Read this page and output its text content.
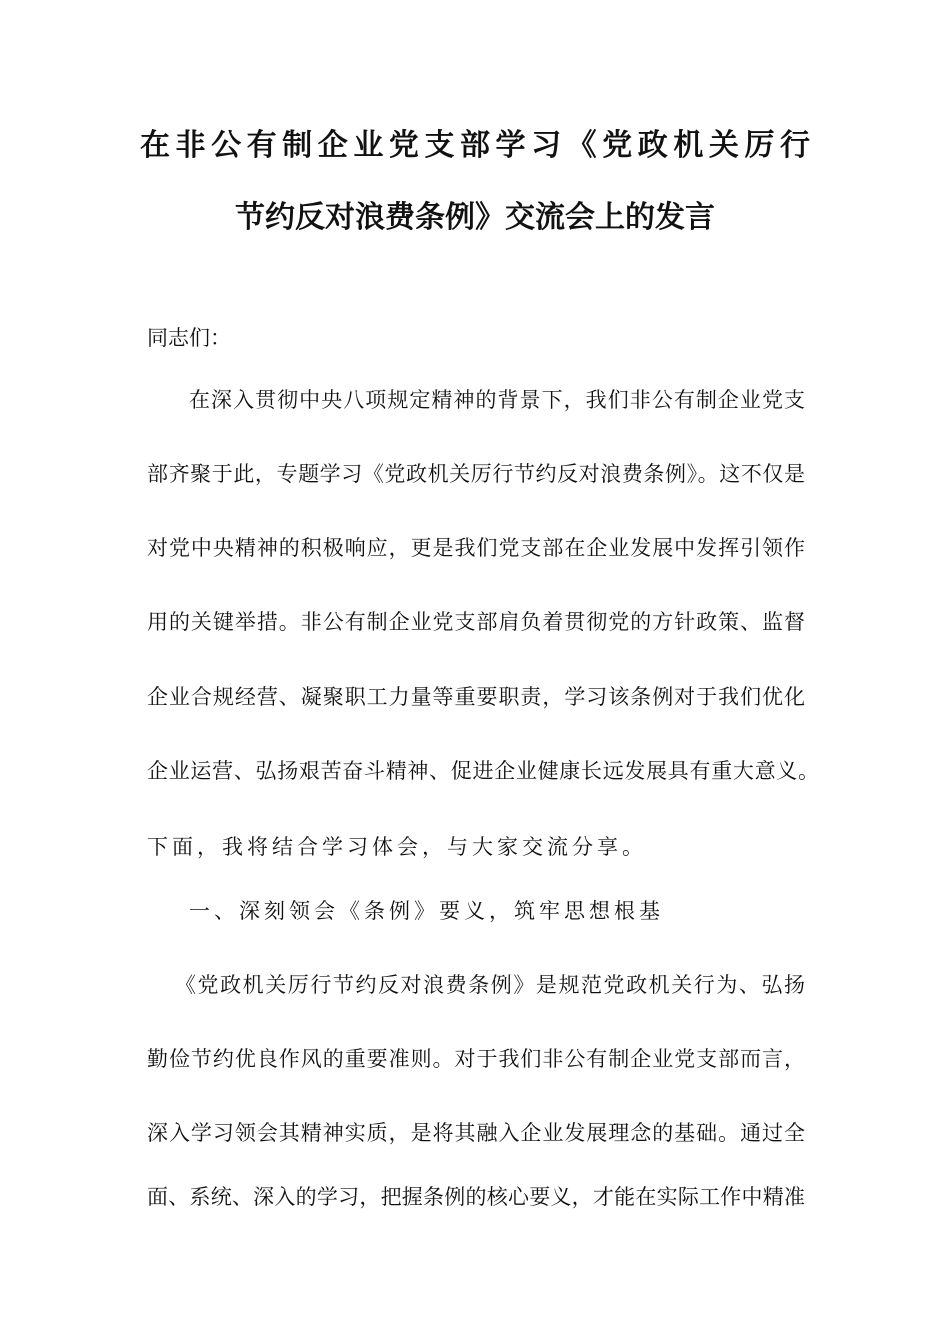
在非公有制企业党支部学习《党政机关厉行
节约反对浪费条例》交流会上的发言
同志们：
在深入贯彻中央八项规定精神的背景下，我们非公有制企业党支
部齐聚于此，专题学习《党政机关厉行节约反对浪费条例》。这不仅是
对党中央精神的积极响应，更是我们党支部在企业发展中发挥引领作
用的关键举措。非公有制企业党支部肩负着贯彻党的方针政策、监督
企业合规经营、凝聚职工力量等重要职责，学习该条例对于我们优化
企业运营、弘扬艰苦奋斗精神、促进企业健康长远发展具有重大意义。
下面，我将结合学习体会，与大家交流分享。
一、深刻领会《条例》要义，筑牢思想根基
《党政机关厉行节约反对浪费条例》是规范党政机关行为、弘扬
勤俭节约优良作风的重要准则。对于我们非公有制企业党支部而言，
深入学习领会其精神实质，是将其融入企业发展理念的基础。通过全
面、系统、深入的学习，把握条例的核心要义，才能在实际工作中精准
